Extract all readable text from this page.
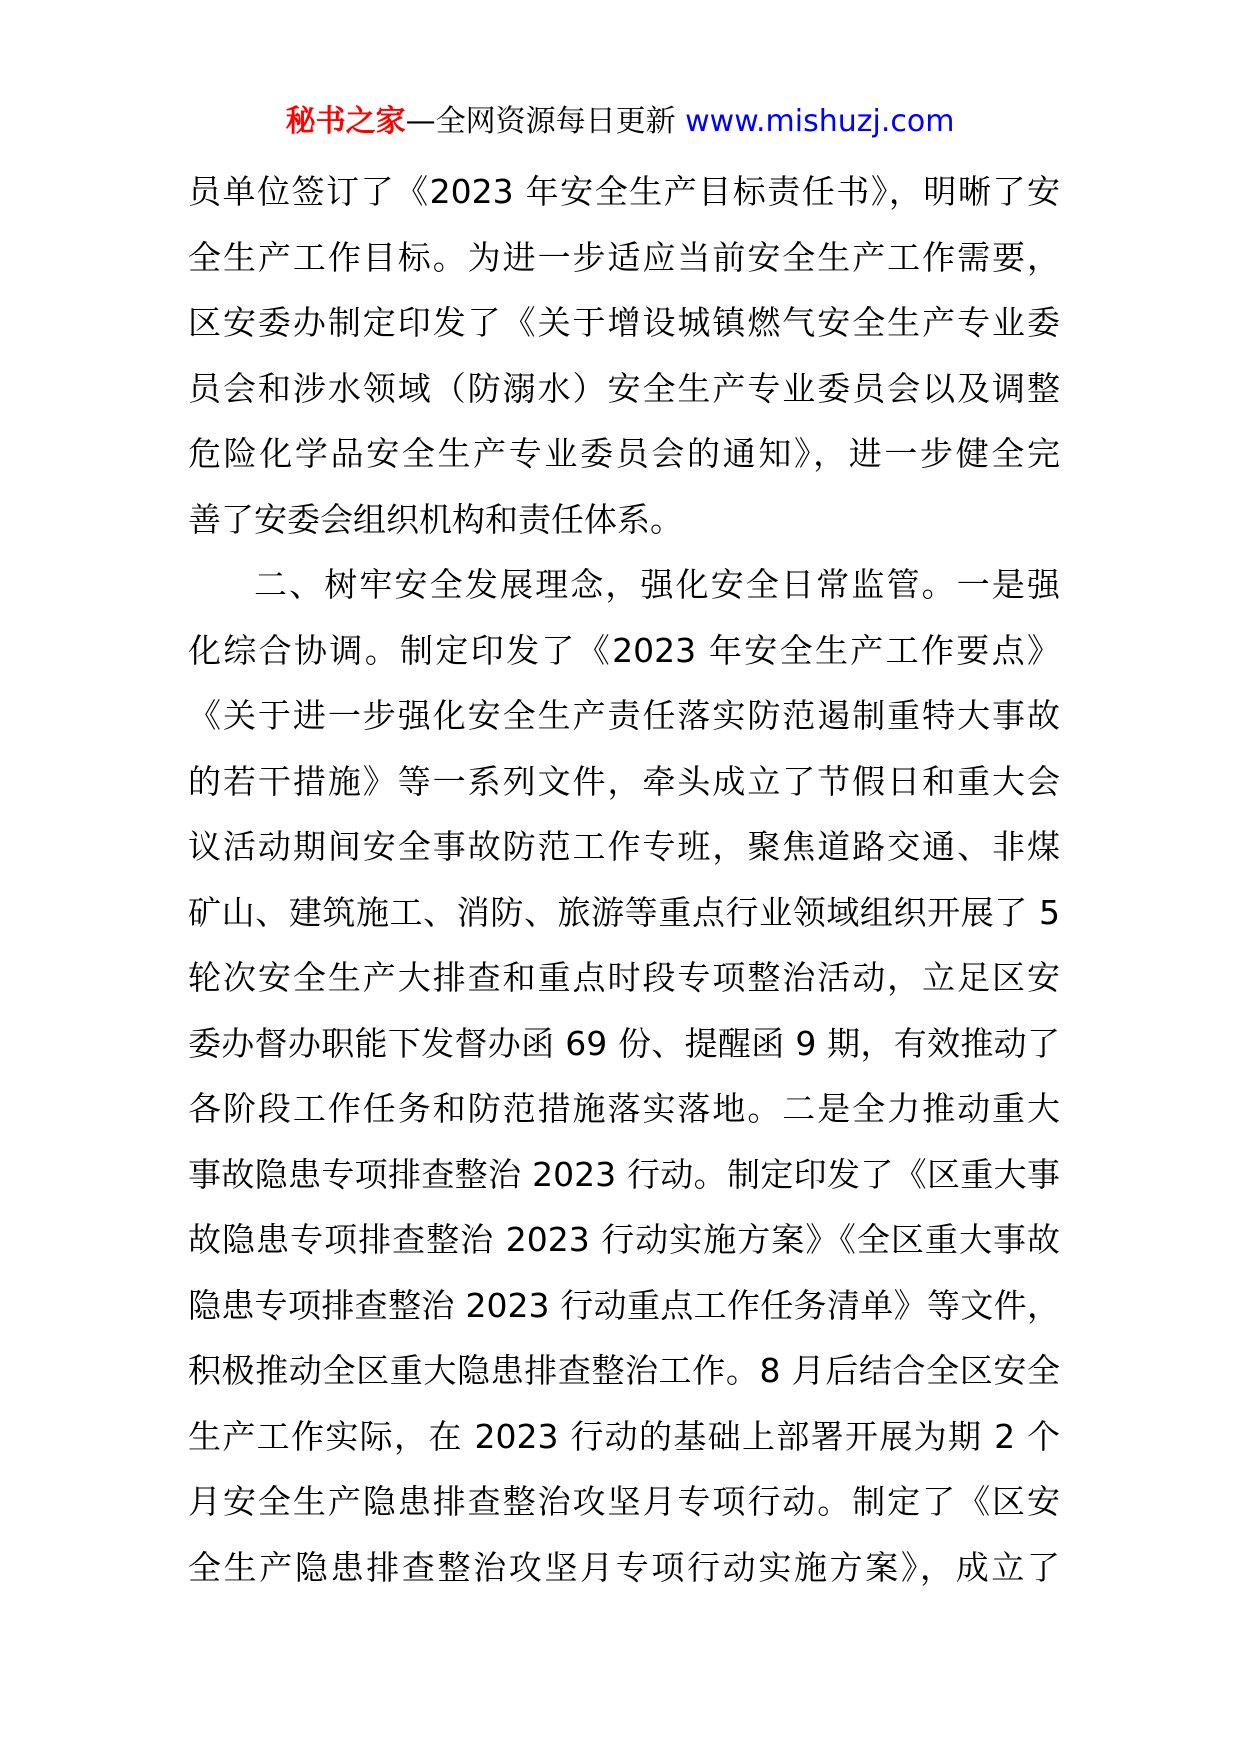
秘书之家—全网资源每日更新 www.mishuzj.com
员单位签订了《2023 年安全生产目标责任书》，明晰了安
全生产工作目标。为进一步适应当前安全生产工作需要，
区安委办制定印发了《关于增设城镇燃气安全生产专业委
员会和涉水领域（防溺水）安全生产专业委员会以及调整
危险化学品安全生产专业委员会的通知》，进一步健全完
善了安委会组织机构和责任体系。
二、树牢安全发展理念，强化安全日常监管。一是强
化综合协调。制定印发了《2023 年安全生产工作要点》
《关于进一步强化安全生产责任落实防范遏制重特大事故
的若干措施》等一系列文件，牵头成立了节假日和重大会
议活动期间安全事故防范工作专班，聚焦道路交通、非煤
矿山、建筑施工、消防、旅游等重点行业领域组织开展了 5
轮次安全生产大排查和重点时段专项整治活动，立足区安
委办督办职能下发督办函 69 份、提醒函 9 期，有效推动了
各阶段工作任务和防范措施落实落地。二是全力推动重大
事故隐患专项排查整治 2023 行动。制定印发了《区重大事
故隐患专项排查整治 2023 行动实施方案》《全区重大事故
隐患专项排查整治 2023 行动重点工作任务清单》等文件，
积极推动全区重大隐患排查整治工作。8 月后结合全区安全
生产工作实际，在 2023 行动的基础上部署开展为期 2 个
月安全生产隐患排查整治攻坚月专项行动。制定了《区安
全生产隐患排查整治攻坚月专项行动实施方案》，成立了
